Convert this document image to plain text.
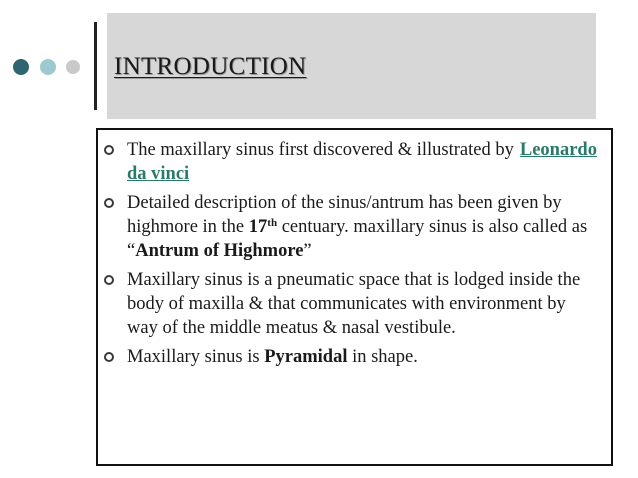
INTRODUCTION
The maxillary sinus first discovered & illustrated by Leonardo da vinci
Detailed description of the sinus/antrum has been given by highmore in the 17th centuary. maxillary sinus is also called as “Antrum of Highmore”
Maxillary sinus is a pneumatic space that is lodged inside the body of maxilla & that communicates with environment by way of the middle meatus & nasal vestibule.
Maxillary sinus is Pyramidal in shape.
